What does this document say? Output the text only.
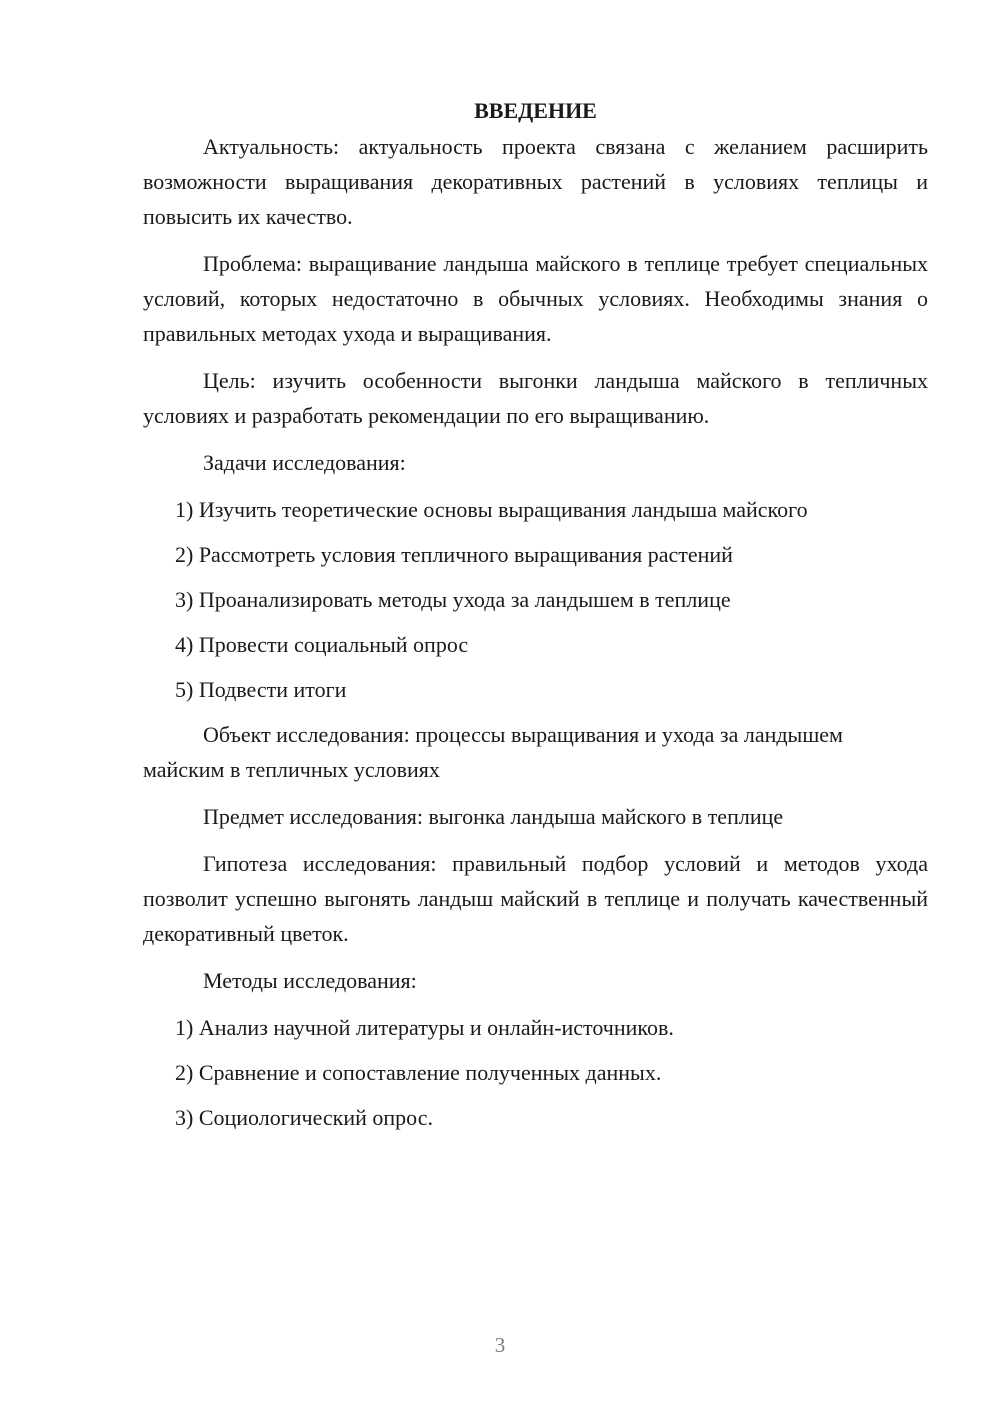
ВВЕДЕНИЕ

Актуальность: актуальность проекта связана с желанием расширить возможности выращивания декоративных растений в условиях теплицы и повысить их качество.

Проблема: выращивание ландыша майского в теплице требует специальных условий, которых недостаточно в обычных условиях. Необходимы знания о правильных методах ухода и выращивания.

Цель: изучить особенности выгонки ландыша майского в тепличных условиях и разработать рекомендации по его выращиванию.

Задачи исследования:

1) Изучить теоретические основы выращивания ландыша майского
2) Рассмотреть условия тепличного выращивания растений
3) Проанализировать методы ухода за ландышем в теплице
4) Провести социальный опрос
5) Подвести итоги

Объект исследования: процессы выращивания и ухода за ландышем майским в тепличных условиях

Предмет исследования: выгонка ландыша майского в теплице

Гипотеза исследования: правильный подбор условий и методов ухода позволит успешно выгонять ландыш майский в теплице и получать качественный декоративный цветок.

Методы исследования:

1) Анализ научной литературы и онлайн-источников.
2) Сравнение и сопоставление полученных данных.
3) Социологический опрос.
3
